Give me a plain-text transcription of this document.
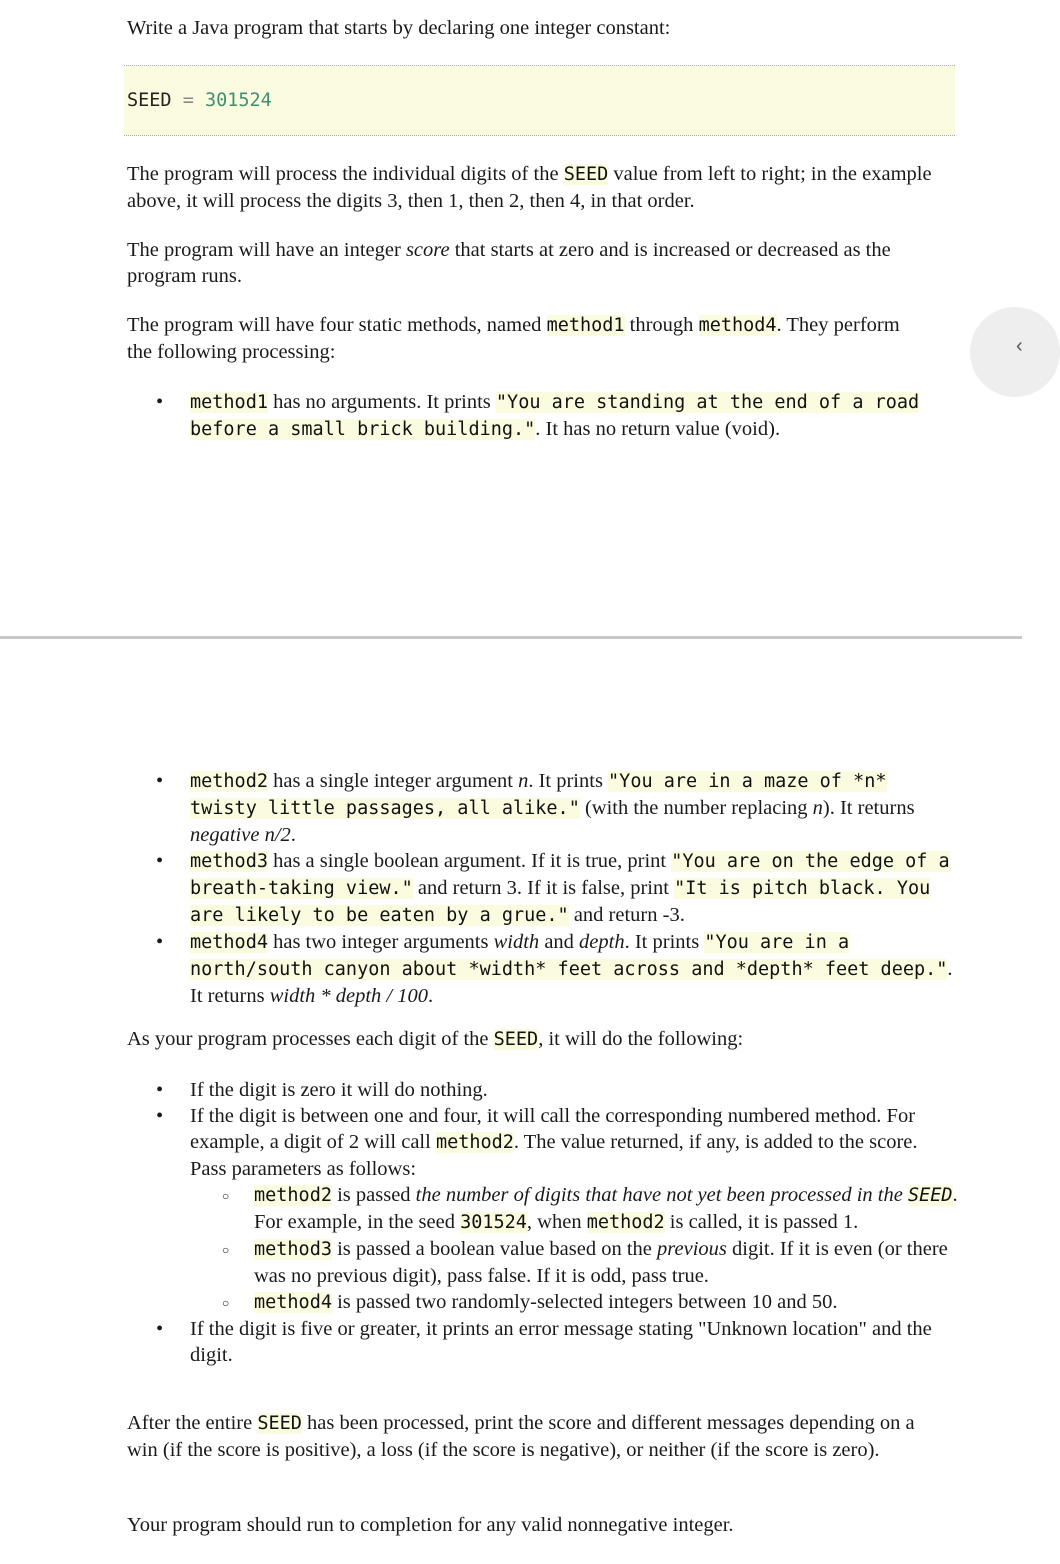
Write a Java program that starts by declaring one integer constant:

SEED = 301524

The program will process the individual digits of the SEED value from left to right; in the example above, it will process the digits 3, then 1, then 2, then 4, in that order.

The program will have an integer score that starts at zero and is increased or decreased as the program runs.

The program will have four static methods, named method1 through method4. They perform the following processing:

• method1 has no arguments. It prints "You are standing at the end of a road before a small brick building.". It has no return value (void).
‹
• method2 has a single integer argument n. It prints "You are in a maze of *n* twisty little passages, all alike." (with the number replacing n). It returns negative n/2.
• method3 has a single boolean argument. If it is true, print "You are on the edge of a breath-taking view." and return 3. If it is false, print "It is pitch black. You are likely to be eaten by a grue." and return -3.
• method4 has two integer arguments width and depth. It prints "You are in a north/south canyon about *width* feet across and *depth* feet deep.". It returns width * depth / 100.

As your program processes each digit of the SEED, it will do the following:

• If the digit is zero it will do nothing.
• If the digit is between one and four, it will call the corresponding numbered method. For example, a digit of 2 will call method2. The value returned, if any, is added to the score. Pass parameters as follows:
○ method2 is passed the number of digits that have not yet been processed in the SEED. For example, in the seed 301524, when method2 is called, it is passed 1.
○ method3 is passed a boolean value based on the previous digit. If it is even (or there was no previous digit), pass false. If it is odd, pass true.
○ method4 is passed two randomly-selected integers between 10 and 50.
• If the digit is five or greater, it prints an error message stating "Unknown location" and the digit.

After the entire SEED has been processed, print the score and different messages depending on a win (if the score is positive), a loss (if the score is negative), or neither (if the score is zero).

Your program should run to completion for any valid nonnegative integer.
